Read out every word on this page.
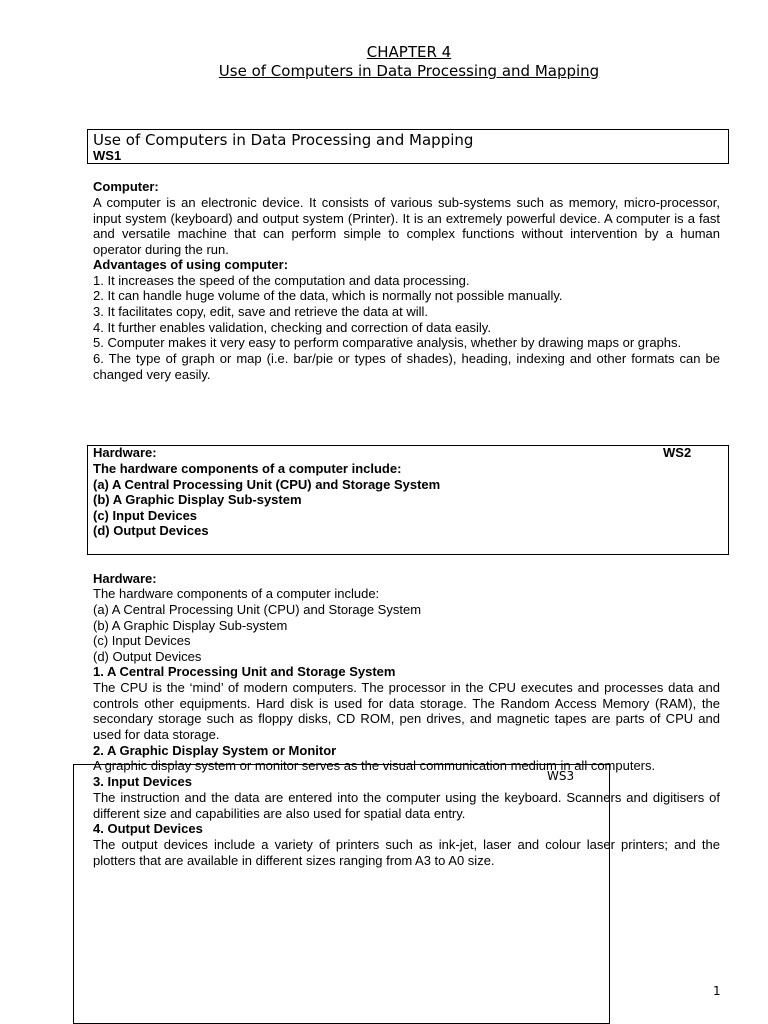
CHAPTER 4
Use of Computers in Data Processing and Mapping
Use of Computers in Data Processing and Mapping
WS1
Computer:
A computer is an electronic device. It consists of various sub-systems such as memory, micro-processor, input system (keyboard) and output system (Printer). It is an extremely powerful device. A computer is a fast and versatile machine that can perform simple to complex functions without intervention by a human operator during the run.
Advantages of using computer:
1. It increases the speed of the computation and data processing.
2. It can handle huge volume of the data, which is normally not possible manually.
3. It facilitates copy, edit, save and retrieve the data at will.
4. It further enables validation, checking and correction of data easily.
5. Computer makes it very easy to perform comparative analysis, whether by drawing maps or graphs.
6. The type of graph or map (i.e. bar/pie or types of shades), heading, indexing and other formats can be changed very easily.
Hardware:	WS2
The hardware components of a computer include:
(a) A Central Processing Unit (CPU) and Storage System
(b) A Graphic Display Sub-system
(c) Input Devices
(d) Output Devices
Hardware:
The hardware components of a computer include:
(a) A Central Processing Unit (CPU) and Storage System
(b) A Graphic Display Sub-system
(c) Input Devices
(d) Output Devices
1. A Central Processing Unit and Storage System
The CPU is the ‘mind’ of modern computers. The processor in the CPU executes and processes data and controls other equipments. Hard disk is used for data storage. The Random Access Memory (RAM), the secondary storage such as floppy disks, CD ROM, pen drives, and magnetic tapes are parts of CPU and used for data storage.
2. A Graphic Display System or Monitor
A graphic display system or monitor serves as the visual communication medium in all computers.
3. Input Devices
The instruction and the data are entered into the computer using the keyboard. Scanners and digitisers of different size and capabilities are also used for spatial data entry.
4. Output Devices
The output devices include a variety of printers such as ink-jet, laser and colour laser printers; and the plotters that are available in different sizes ranging from A3 to A0 size.
WS3
1
